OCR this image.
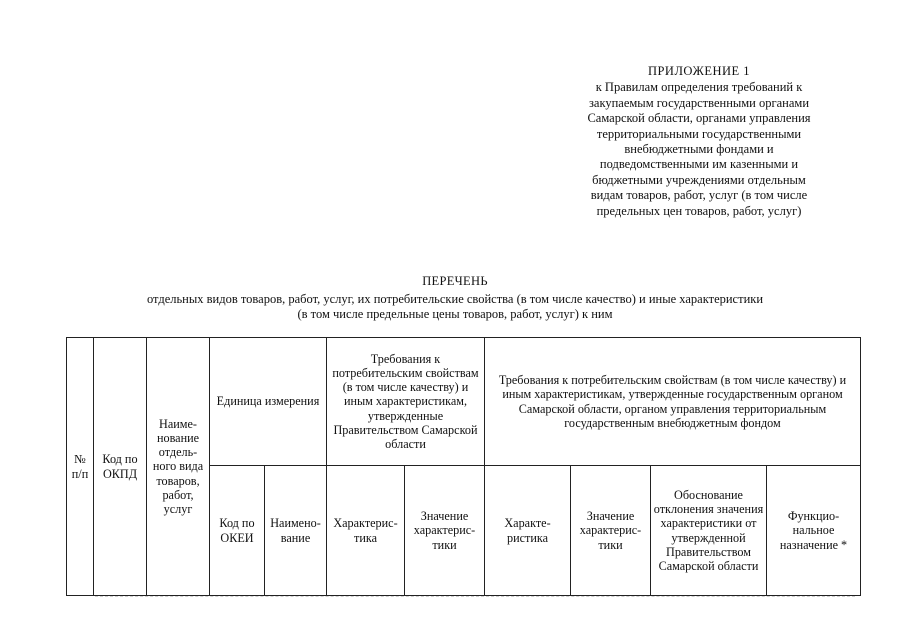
ПРИЛОЖЕНИЕ 1
к Правилам определения требований к
закупаемым государственными органами
Самарской области, органами управления
территориальными государственными
внебюджетными фондами и
подведомственными им казенными и
бюджетными учреждениями отдельным
видам товаров, работ, услуг (в том числе
предельных цен товаров, работ, услуг)
ПЕРЕЧЕНЬ
отдельных видов товаров, работ, услуг, их потребительские свойства (в том числе качество) и иные характеристики
(в том числе предельные цены товаров, работ, услуг) к ним
№ п/п	Код по ОКПД	Наиме- нование отдель- ного вида товаров, работ, услуг	Единица измерения		Требования к потребительским свойствам (в том числе качеству) и иным характеристикам, утвержденные Правительством Самарской области		Требования к потребительским свойствам (в том числе качеству) и иным характеристикам, утвержденные государственным органом Самарской области, органом управления территориальным государственным внебюджетным фондом			
			Код по ОКЕИ	Наимено- вание	Характерис- тика	Значение характерис- тики	Характе- ристика	Значение характерис- тики	Обоснование отклонения значения характеристики от утвержденной Правительством Самарской области	Функцио- нальное назначение *
